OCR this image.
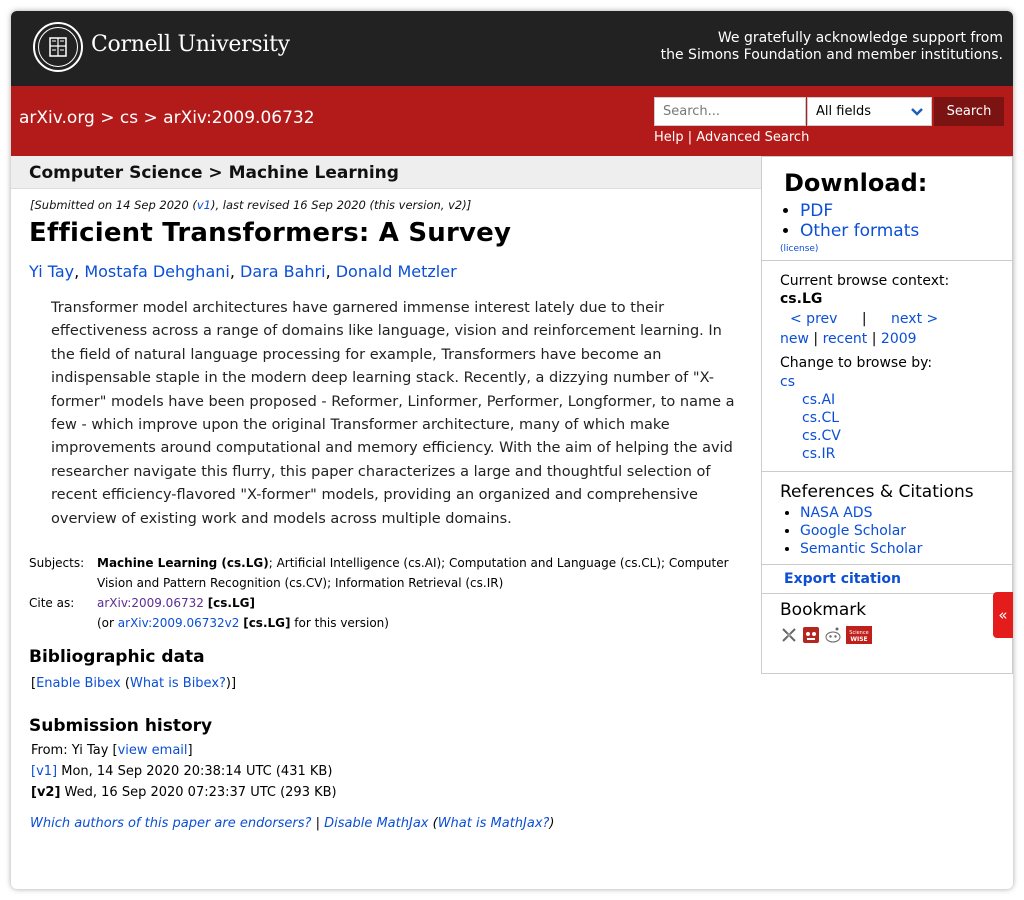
Cornell University	We gratefully acknowledge support from
the Simons Foundation and member institutions.
arXiv.org > cs > arXiv:2009.06732	Search...	All fields	Search
Help | Advanced Search
Computer Science > Machine Learning
[Submitted on 14 Sep 2020 (v1), last revised 16 Sep 2020 (this version, v2)]
Efficient Transformers: A Survey
Yi Tay, Mostafa Dehghani, Dara Bahri, Donald Metzler
Transformer model architectures have garnered immense interest lately due to their effectiveness across a range of domains like language, vision and reinforcement learning. In the field of natural language processing for example, Transformers have become an indispensable staple in the modern deep learning stack. Recently, a dizzying number of "X-former" models have been proposed - Reformer, Linformer, Performer, Longformer, to name a few - which improve upon the original Transformer architecture, many of which make improvements around computational and memory efficiency. With the aim of helping the avid researcher navigate this flurry, this paper characterizes a large and thoughtful selection of recent efficiency-flavored "X-former" models, providing an organized and comprehensive overview of existing work and models across multiple domains.
Subjects:	Machine Learning (cs.LG); Artificial Intelligence (cs.AI); Computation and Language (cs.CL); Computer Vision and Pattern Recognition (cs.CV); Information Retrieval (cs.IR)
Cite as:	arXiv:2009.06732 [cs.LG]
(or arXiv:2009.06732v2 [cs.LG] for this version)
Bibliographic data
[Enable Bibex (What is Bibex?)]
Submission history
From: Yi Tay [view email]
[v1] Mon, 14 Sep 2020 20:38:14 UTC (431 KB)
[v2] Wed, 16 Sep 2020 07:23:37 UTC (293 KB)
Which authors of this paper are endorsers? | Disable MathJax (What is MathJax?)
Download:
• PDF
• Other formats
(license)
Current browse context:
cs.LG
< prev | next >
new | recent | 2009
Change to browse by:
cs
cs.AI
cs.CL
cs.CV
cs.IR
References & Citations
• NASA ADS
• Google Scholar
• Semantic Scholar
Export citation
Bookmark
Science
WISE
«
